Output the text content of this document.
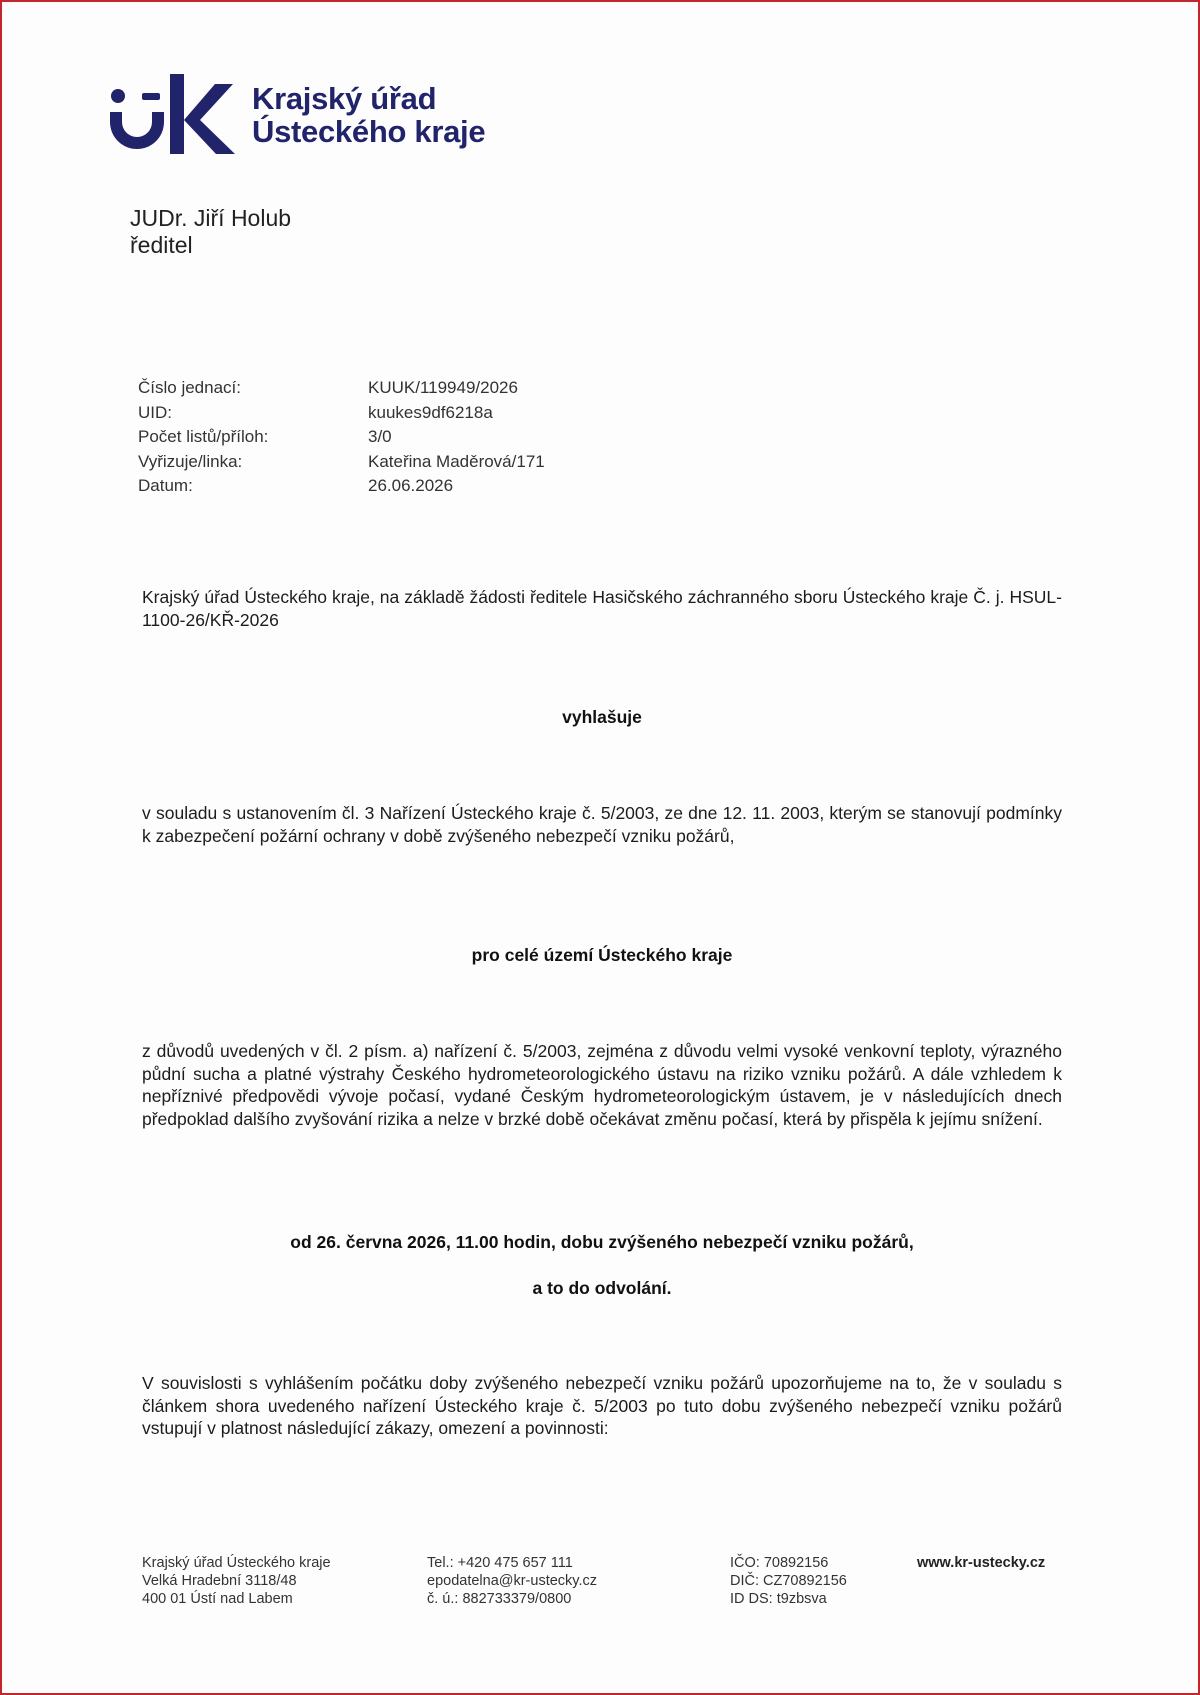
Krajský úřad
Ústeckého kraje
JUDr. Jiří Holub
ředitel
Číslo jednací:	KUUK/119949/2026
UID:	kuukes9df6218a
Počet listů/příloh:	3/0
Vyřizuje/linka:	Kateřina Maděrová/171
Datum:	26.06.2026
Krajský úřad Ústeckého kraje, na základě žádosti ředitele Hasičského záchranného sboru Ústeckého kraje Č. j. HSUL-1100-26/KŘ-2026
vyhlašuje
v souladu s ustanovením čl. 3 Nařízení Ústeckého kraje č. 5/2003, ze dne 12. 11. 2003, kterým se stanovují podmínky k zabezpečení požární ochrany v době zvýšeného nebezpečí vzniku požárů,
pro celé území Ústeckého kraje
z důvodů uvedených v čl. 2 písm. a) nařízení č. 5/2003, zejména z důvodu velmi vysoké venkovní teploty, výrazného půdní sucha a platné výstrahy Českého hydrometeorologického ústavu na riziko vzniku požárů. A dále vzhledem k nepříznivé předpovědi vývoje počasí, vydané Českým hydrometeorologickým ústavem, je v následujících dnech předpoklad dalšího zvyšování rizika a nelze v brzké době očekávat změnu počasí, která by přispěla k jejímu snížení.
od 26. června 2026, 11.00 hodin, dobu zvýšeného nebezpečí vzniku požárů,
a to do odvolání.
V souvislosti s vyhlášením počátku doby zvýšeného nebezpečí vzniku požárů upozorňujeme na to, že v souladu s článkem shora uvedeného nařízení Ústeckého kraje č. 5/2003 po tuto dobu zvýšeného nebezpečí vzniku požárů vstupují v platnost následující zákazy, omezení a povinnosti:
Krajský úřad Ústeckého kraje
Velká Hradební 3118/48
400 01 Ústí nad Labem
Tel.: +420 475 657 111
epodatelna@kr-ustecky.cz
č. ú.: 882733379/0800
IČO: 70892156
DIČ: CZ70892156
ID DS: t9zbsva
www.kr-ustecky.cz
